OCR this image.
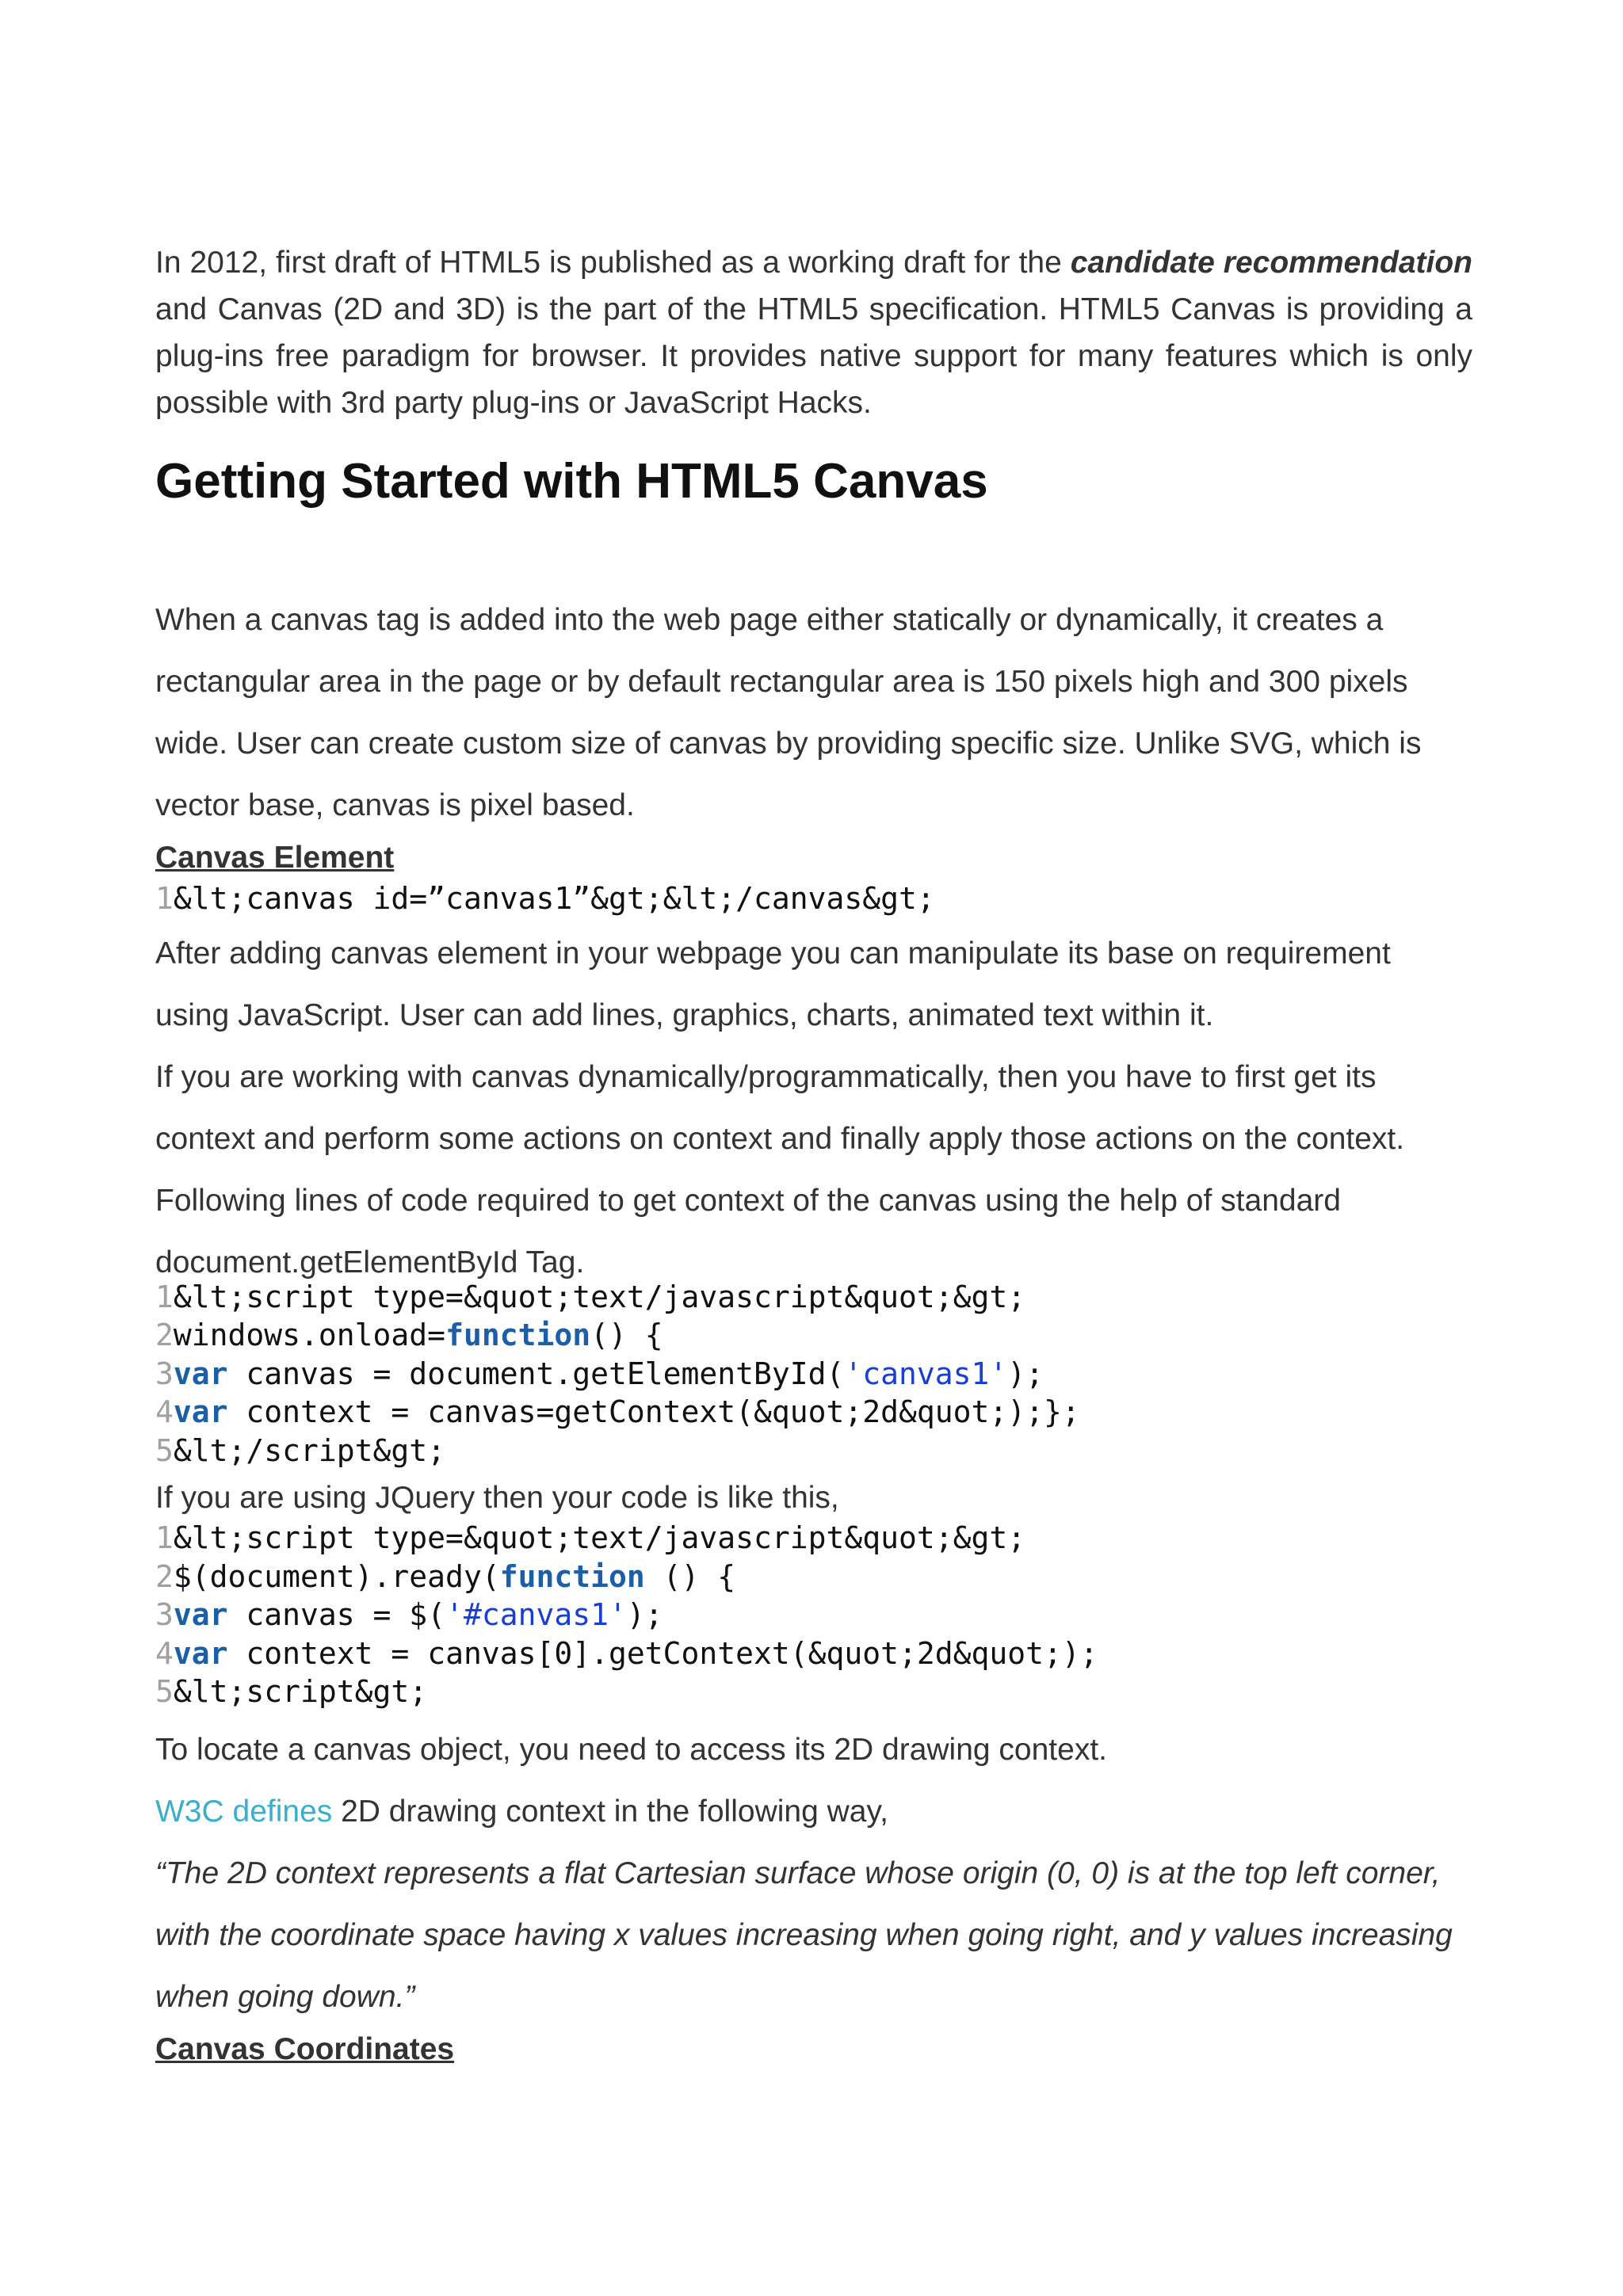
In 2012, first draft of HTML5 is published as a working draft for the candidate recommendation and Canvas (2D and 3D) is the part of the HTML5 specification. HTML5 Canvas is providing a plug-ins free paradigm for browser. It provides native support for many features which is only possible with 3rd party plug-ins or JavaScript Hacks.

Getting Started with HTML5 Canvas

When a canvas tag is added into the web page either statically or dynamically, it creates a rectangular area in the page or by default rectangular area is 150 pixels high and 300 pixels wide. User can create custom size of canvas by providing specific size. Unlike SVG, which is vector base, canvas is pixel based.

Canvas Element

1&lt;canvas id=”canvas1”&gt;&lt;/canvas&gt;

After adding canvas element in your webpage you can manipulate its base on requirement using JavaScript. User can add lines, graphics, charts, animated text within it.

If you are working with canvas dynamically/programmatically, then you have to first get its context and perform some actions on context and finally apply those actions on the context. Following lines of code required to get context of the canvas using the help of standard document.getElementById Tag.

1&lt;script type=&quot;text/javascript&quot;&gt;
2windows.onload=function() {
3var canvas = document.getElementById('canvas1');
4var context = canvas=getContext(&quot;2d&quot;);};
5&lt;/script&gt;

If you are using JQuery then your code is like this,

1&lt;script type=&quot;text/javascript&quot;&gt;
2$(document).ready(function () {
3var canvas = $('#canvas1');
4var context = canvas[0].getContext(&quot;2d&quot;);
5&lt;script&gt;

To locate a canvas object, you need to access its 2D drawing context.

W3C defines 2D drawing context in the following way,

“The 2D context represents a flat Cartesian surface whose origin (0, 0) is at the top left corner, with the coordinate space having x values increasing when going right, and y values increasing when going down.”

Canvas Coordinates
